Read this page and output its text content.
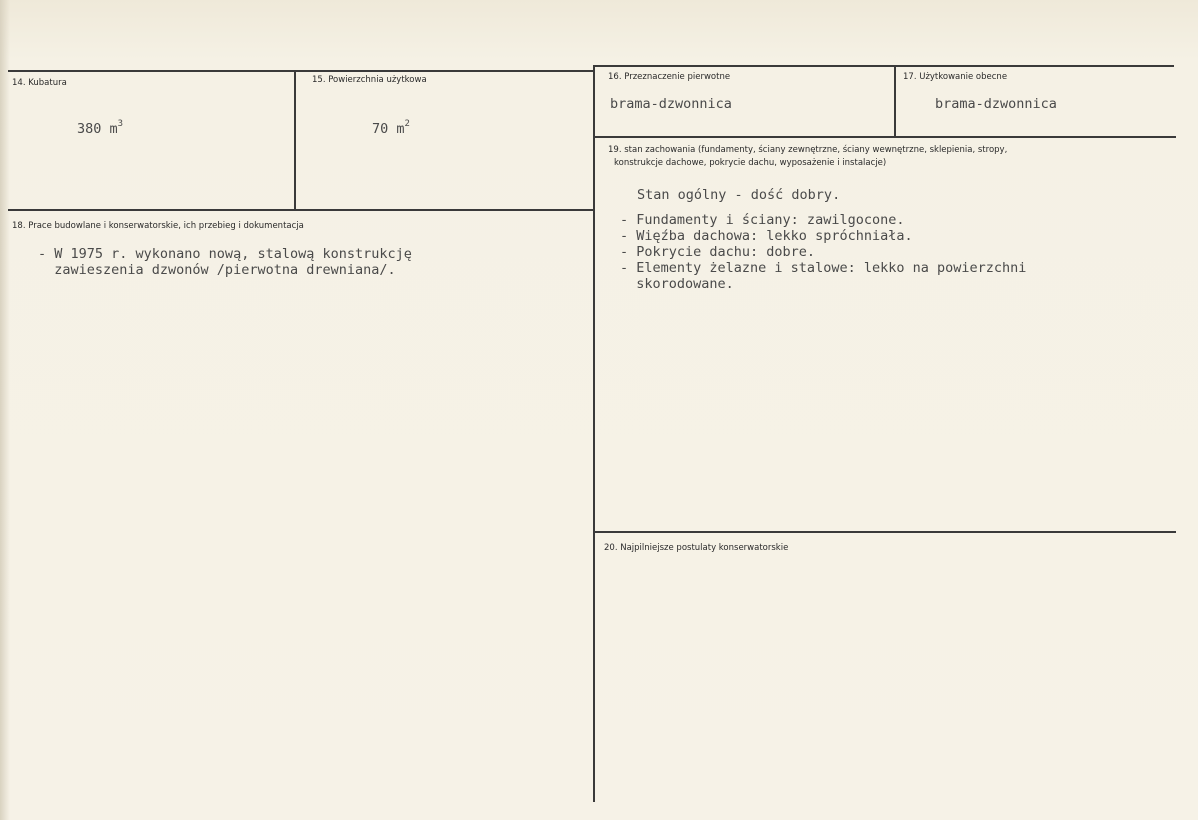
14. Kubatura
380 $m^3$
15. Powierzchnia użytkowa
70 $m^2$
16. Przeznaczenie pierwotne
brama-dzwonnica
17. Użytkowanie obecne
brama-dzwonnica
18. Prace budowlane i konserwatorskie, ich przebieg i dokumentacja
- W 1975 r. wykonano nową, stalową konstrukcję
zawieszenia dzwonów /pierwotna drewniana/.
19. stan zachowania (fundamenty, ściany zewnętrzne, ściany wewnętrzne, sklepienia, stropy,
konstrukcje dachowe, pokrycie dachu, wyposażenie i instalacje)
Stan ogólny - dość dobry.
- Fundamenty i ściany: zawilgocone.
- Więźba dachowa: lekko spróchniała.
- Pokrycie dachu: dobre.
- Elementy żelazne i stalowe: lekko na powierzchni
skorodowane.
20. Najpilniejsze postulaty konserwatorskie
